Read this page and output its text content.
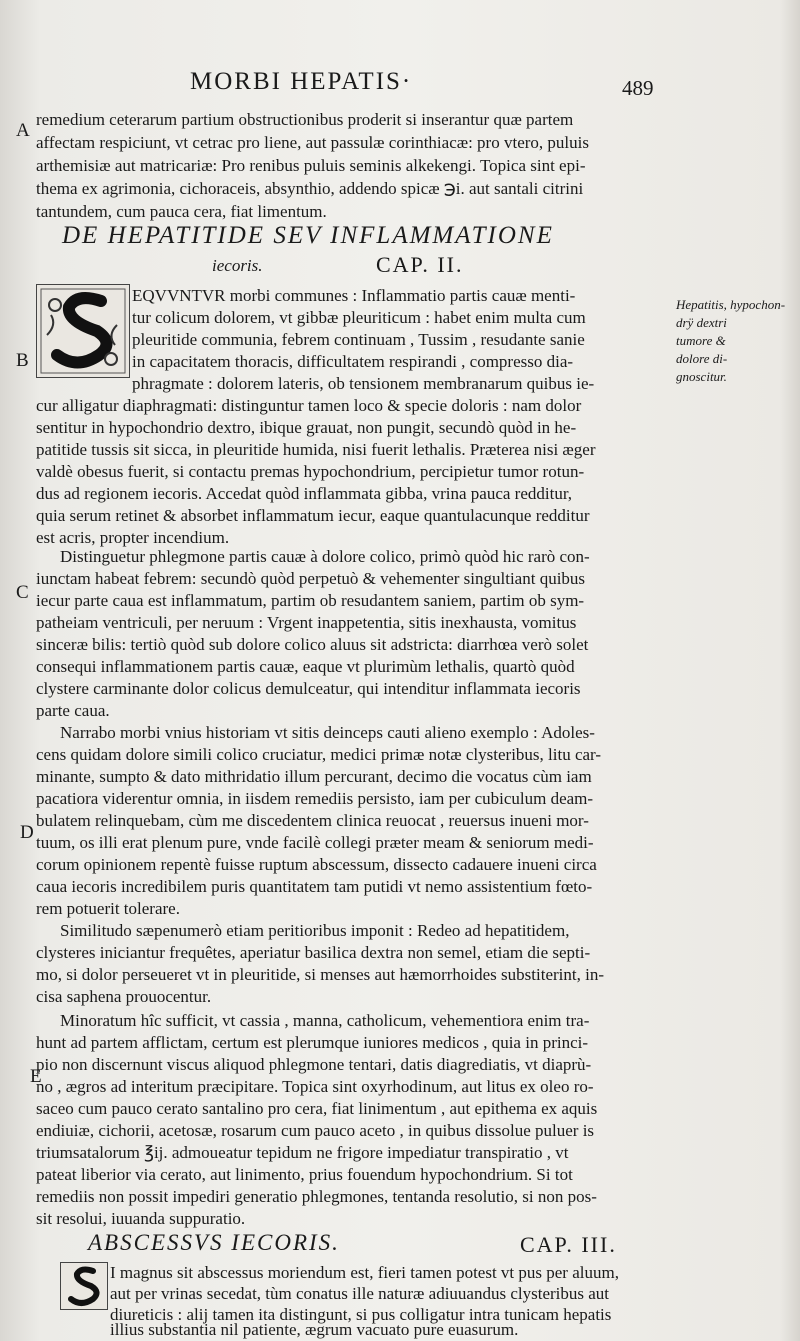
MORBI HEPATIS·	489
A
B
C
D
E
remedium ceterarum partium obstructionibus proderit si inserantur quæ partem
affectam respiciunt, vt cetrac pro liene, aut passulæ corinthiacæ: pro vtero, puluis
arthemisiæ aut matricariæ: Pro renibus puluis seminis alkekengi. Topica sint epi-
thema ex agrimonia, cichoraceis, absynthio, addendo spicæ ℈i. aut santali citrini
tantundem, cum pauca cera, fiat limentum.
DE HEPATITIDE SEV INFLAMMATIONE
iecoris.	CAP. II.
EQVVNTVR morbi communes : Inflammatio partis cauæ menti-
tur colicum dolorem, vt gibbæ pleuriticum : habet enim multa cum
pleuritide communia, febrem continuam , Tussim , resudante sanie
in capacitatem thoracis, difficultatem respirandi , compresso dia-
phragmate : dolorem lateris, ob tensionem membranarum quibus ie-
cur alligatur diaphragmati: distinguntur tamen loco & specie doloris : nam dolor
sentitur in hypochondrio dextro, ibique grauat, non pungit, secundò quòd in he-
patitide tussis sit sicca, in pleuritide humida, nisi fuerit lethalis. Præterea nisi æger
valdè obesus fuerit, si contactu premas hypochondrium, percipietur tumor rotun-
dus ad regionem iecoris. Accedat quòd inflammata gibba, vrina pauca redditur,
quia serum retinet & absorbet inflammatum iecur, eaque quantulacunque redditur
est acris, propter incendium.
Hepatitis, hypochon-
drÿ dextri
tumore &
dolore di-
gnoscitur.
Distinguetur phlegmone partis cauæ à dolore colico, primò quòd hic rarò con-
iunctam habeat febrem: secundò quòd perpetuò & vehementer singultiant quibus
iecur parte caua est inflammatum, partim ob resudantem saniem, partim ob sym-
patheiam ventriculi, per neruum : Vrgent inappetentia, sitis inexhausta, vomitus
sinceræ bilis: tertiò quòd sub dolore colico aluus sit adstricta: diarrhœa verò solet
consequi inflammationem partis cauæ, eaque vt plurimùm lethalis, quartò quòd
clystere carminante dolor colicus demulceatur, qui intenditur inflammata iecoris
parte caua.
Narrabo morbi vnius historiam vt sitis deinceps cauti alieno exemplo : Adoles-
cens quidam dolore simili colico cruciatur, medici primæ notæ clysteribus, litu car-
minante, sumpto & dato mithridatio illum percurant, decimo die vocatus cùm iam
pacatiora viderentur omnia, in iisdem remediis persisto, iam per cubiculum deam-
bulatem relinquebam, cùm me discedentem clinica reuocat , reuersus inueni mor-
tuum, os illi erat plenum pure, vnde facilè collegi præter meam & seniorum medi-
corum opinionem repentè fuisse ruptum abscessum, dissecto cadauere inueni circa
caua iecoris incredibilem puris quantitatem tam putidi vt nemo assistentium fœto-
rem potuerit tolerare.
Similitudo sæpenumerò etiam peritioribus imponit : Redeo ad hepatitidem,
clysteres iniciantur frequêtes, aperiatur basilica dextra non semel, etiam die septi-
mo, si dolor perseueret vt in pleuritide, si menses aut hæmorrhoides substiterint, in-
cisa saphena prouocentur.
Minoratum hîc sufficit, vt cassia , manna, catholicum, vehementiora enim tra-
hunt ad partem afflictam, certum est plerumque iuniores medicos , quia in princi-
pio non discernunt viscus aliquod phlegmone tentari, datis diagrediatis, vt diaprù-
no , ægros ad interitum præcipitare. Topica sint oxyrhodinum, aut litus ex oleo ro-
saceo cum pauco cerato santalino pro cera, fiat linimentum , aut epithema ex aquis
endiuiæ, cichorii, acetosæ, rosarum cum pauco aceto , in quibus dissolue puluer is
triumsatalorum ℥ij. admoueatur tepidum ne frigore impediatur transpiratio , vt
pateat liberior via cerato, aut linimento, prius fouendum hypochondrium. Si tot
remediis non possit impediri generatio phlegmones, tentanda resolutio, si non pos-
sit resolui, iuuanda suppuratio.
ABSCESSVS IECORIS.	CAP. III.
I magnus sit abscessus moriendum est, fieri tamen potest vt pus per aluum,
aut per vrinas secedat, tùm conatus ille naturæ adiuuandus clysteribus aut
diureticis : alij tamen ita distingunt, si pus colligatur intra tunicam hepatis
illius substantia nil patiente, ægrum vacuato pure euasurum.
